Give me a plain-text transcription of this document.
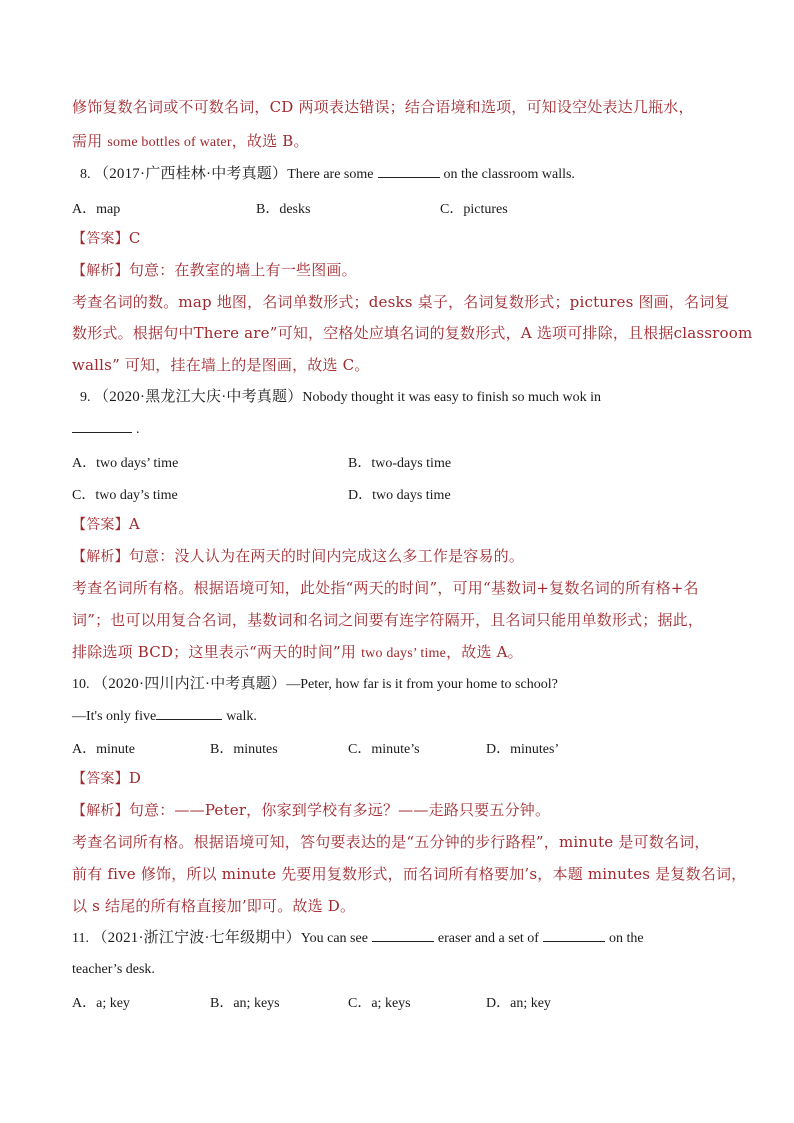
修饰复数名词或不可数名词，CD 两项表达错误；结合语境和选项，可知设空处表达几瓶水，
需用 some bottles of water，故选 B。
8. （2017·广西桂林·中考真题）There are some	on the classroom walls.
A．map	B．desks	C．pictures
【答案】C
【解析】句意：在教室的墙上有一些图画。
考查名词的数。map 地图，名词单数形式；desks 桌子，名词复数形式；pictures 图画，名词复
数形式。根据句中There are”可知，空格处应填名词的复数形式，A 选项可排除，且根据classroom
walls” 可知，挂在墙上的是图画，故选 C。
9. （2020·黑龙江大庆·中考真题）Nobody thought it was easy to finish so much wok in
.
A．two days’ time	B．two-days time
C．two day’s time	D．two days time
【答案】A
【解析】句意：没人认为在两天的时间内完成这么多工作是容易的。
考查名词所有格。根据语境可知，此处指“两天的时间”，可用“基数词+复数名词的所有格+名
词”；也可以用复合名词，基数词和名词之间要有连字符隔开，且名词只能用单数形式；据此，
排除选项 BCD；这里表示“两天的时间”用 two days’ time，故选 A。
10. （2020·四川内江·中考真题）—Peter, how far is it from your home to school?
—It's only five	walk.
A．minute	B．minutes	C．minute’s	D．minutes’
【答案】D
【解析】句意：——Peter，你家到学校有多远？——走路只要五分钟。
考查名词所有格。根据语境可知，答句要表达的是“五分钟的步行路程”，minute 是可数名词，
前有 five 修饰，所以 minute 先要用复数形式，而名词所有格要加’s，本题 minutes 是复数名词，
以 s 结尾的所有格直接加’即可。故选 D。
11. （2021·浙江宁波·七年级期中）You can see	eraser and a set of	on the
teacher’s desk.
A．a; key	B．an; keys	C．a; keys	D．an; key
